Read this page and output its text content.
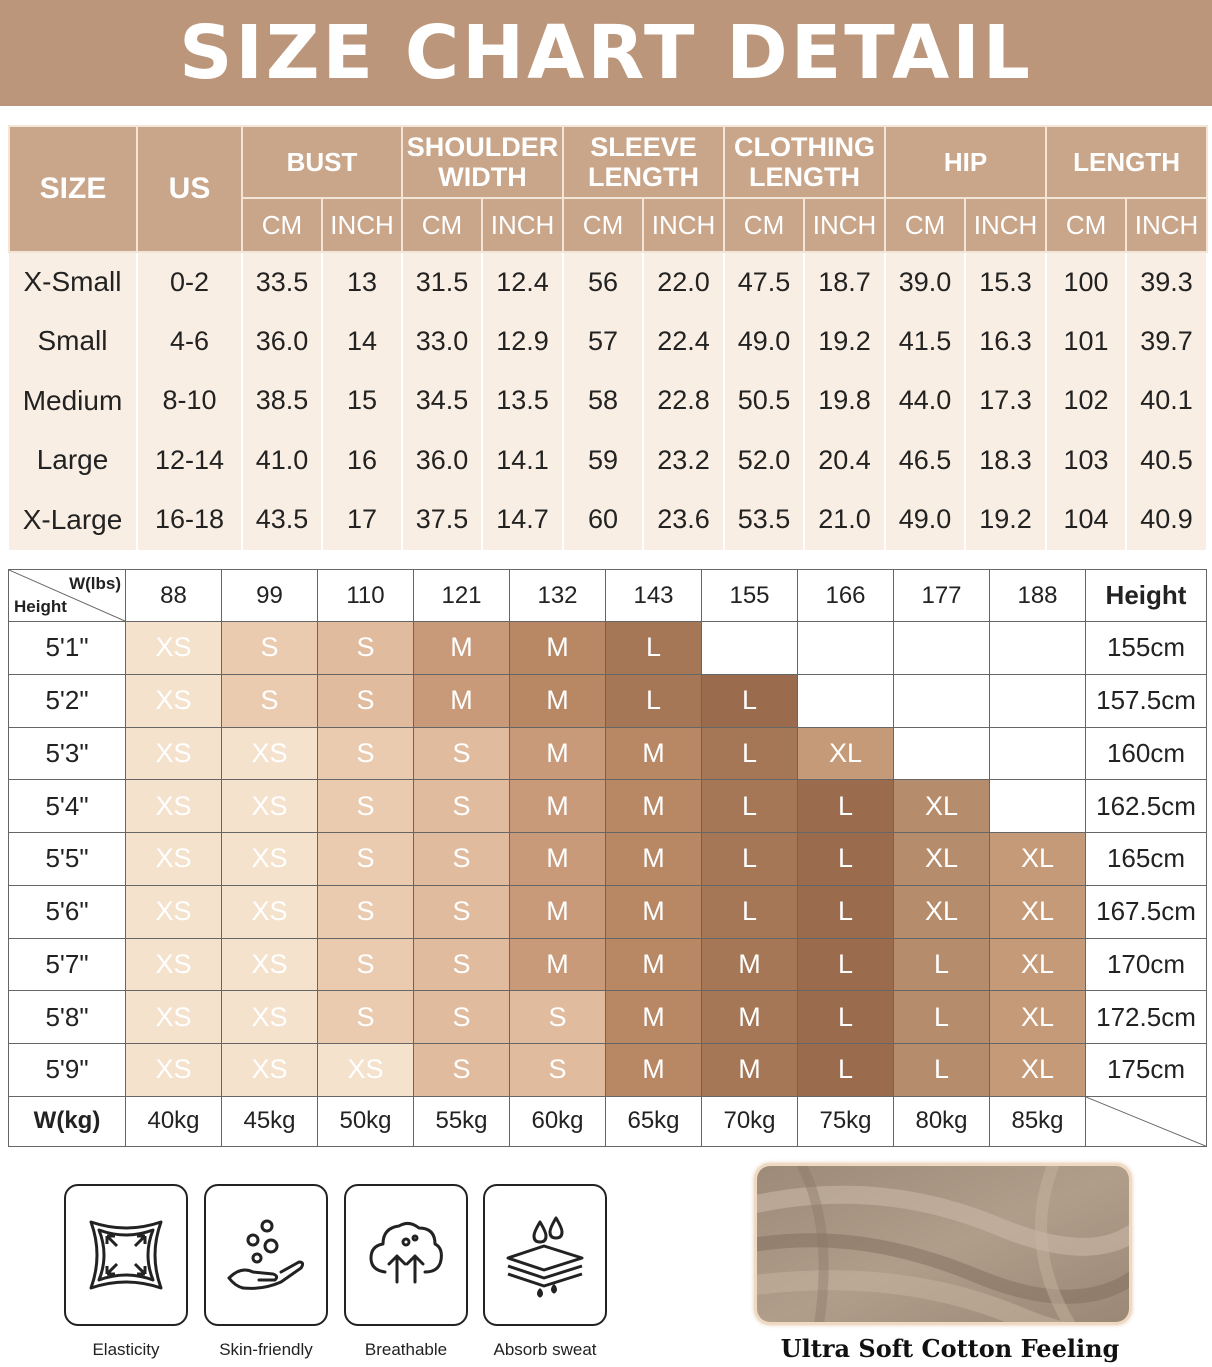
SIZE CHART DETAIL
SIZE	US	BUST		SHOULDER WIDTH		SLEEVE LENGTH		CLOTHING LENGTH		HIP		LENGTH	
		CM	INCH	CM	INCH	CM	INCH	CM	INCH	CM	INCH	CM	INCH
X-Small	0-2	33.5	13	31.5	12.4	56	22.0	47.5	18.7	39.0	15.3	100	39.3
Small	4-6	36.0	14	33.0	12.9	57	22.4	49.0	19.2	41.5	16.3	101	39.7
Medium	8-10	38.5	15	34.5	13.5	58	22.8	50.5	19.8	44.0	17.3	102	40.1
Large	12-14	41.0	16	36.0	14.1	59	23.2	52.0	20.4	46.5	18.3	103	40.5
X-Large	16-18	43.5	17	37.5	14.7	60	23.6	53.5	21.0	49.0	19.2	104	40.9
W(lbs)
Height	88	99	110	121	132	143	155	166	177	188	Height
5'1"	XS	S	S	M	M	L					155cm
5'2"	XS	S	S	M	M	L	L				157.5cm
5'3"	XS	XS	S	S	M	M	L	XL			160cm
5'4"	XS	XS	S	S	M	M	L	L	XL		162.5cm
5'5"	XS	XS	S	S	M	M	L	L	XL	XL	165cm
5'6"	XS	XS	S	S	M	M	L	L	XL	XL	167.5cm
5'7"	XS	XS	S	S	M	M	M	L	L	XL	170cm
5'8"	XS	XS	S	S	S	M	M	L	L	XL	172.5cm
5'9"	XS	XS	XS	S	S	M	M	L	L	XL	175cm
W(kg)	40kg	45kg	50kg	55kg	60kg	65kg	70kg	75kg	80kg	85kg	
Elasticity	Skin-friendly	Breathable	Absorb sweat	Ultra Soft Cotton Feeling
